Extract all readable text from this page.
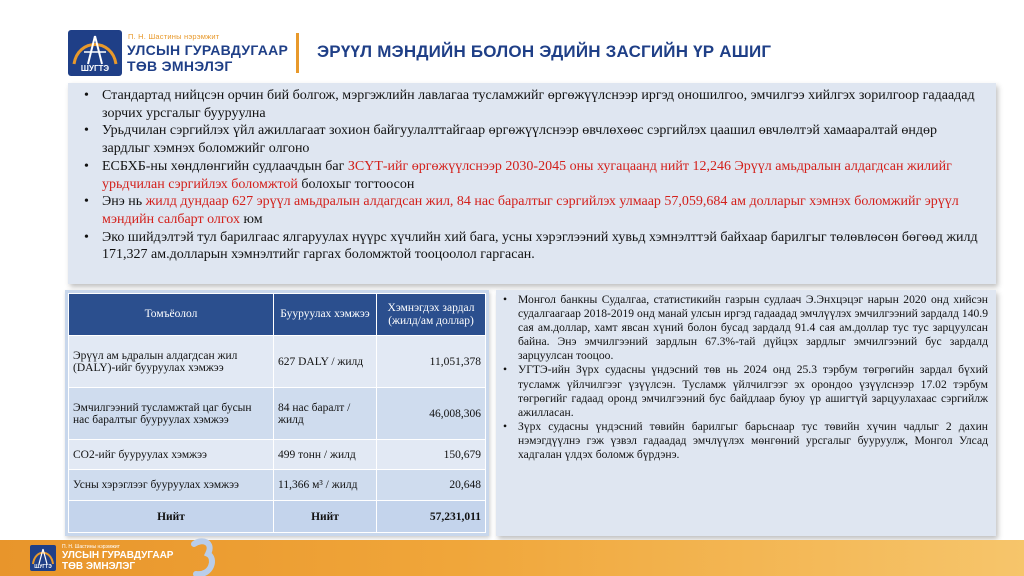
ШУГТЭ
П. Н. Шастины нэрэмжит
УЛСЫН ГУРАВДУГААР
ТӨВ ЭМНЭЛЭГ
ЭРҮҮЛ МЭНДИЙН БОЛОН ЭДИЙН ЗАСГИЙН ҮР АШИГ
• Стандартад нийцсэн орчин бий болгож, мэргэжлийн лавлагаа тусламжийг өргөжүүлснээр иргэд оношилгоо, эмчилгээ хийлгэх зорилгоор гадаадад зорчих урсгалыг бууруулна
• Урьдчилан сэргийлэх үйл ажиллагаат зохион байгуулалттайгаар өргөжүүлснээр өвчлөхөөс сэргийлэх цаашил өвчлөлтэй хамааралтай өндөр зардлыг хэмнэх боломжийг олгоно
• ЕСБХБ-ны хөндлөнгийн судлаачдын баг ЗСҮТ-ийг өргөжүүлснээр 2030-2045 оны хугацаанд нийт 12,246 Эрүүл амьдралын алдагдсан жилийг урьдчилан сэргийлэх боломжтой болохыг тогтоосон
• Энэ нь жилд дундаар 627 эрүүл амьдралын алдагдсан жил, 84 нас баралтыг сэргийлэх улмаар 57,059,684 ам долларыг хэмнэх боломжийг эрүүл мэндийн салбарт олгох юм
• Эко шийдэлтэй тул барилгаас ялгаруулах нүүрс хүчлийн хий бага, усны хэрэглээний хувьд хэмнэлттэй байхаар барилгыг төлөвлөсөн бөгөөд жилд 171,327 ам.долларын хэмнэлтийг гаргах боломжтой тооцоолол гаргасан.
Томъёолол	Бууруулах хэмжээ	Хэмнэгдэх зардал (жилд/ам доллар)
Эрүүл ам ьдралын алдагдсан жил (DALY)-ийг бууруулах хэмжээ	627 DALY / жилд	11,051,378
Эмчилгээний тусламжтай цаг бусын нас баралтыг бууруулах хэмжээ	84 нас баралт / жилд	46,008,306
СО2-ийг бууруулах хэмжээ	499 тонн / жилд	150,679
Усны хэрэглээг бууруулах хэмжээ	11,366 м³ / жилд	20,648
Нийт	Нийт	57,231,011
• Монгол банкны Судалгаа, статистикийн газрын судлаач Э.Энхцэцэг нарын 2020 онд хийсэн судалгаагаар 2018-2019 онд манай улсын иргэд гадаадад эмчлүүлэх эмчилгээний зардалд 140.9 сая ам.доллар, хамт явсан хүний болон бусад зардалд 91.4 сая ам.доллар тус тус зарцуулсан байна. Энэ эмчилгээний зардлын 67.3%-тай дүйцэх зардлыг эмчилгээний бус зардалд зарцуулсан тооцоо.
• УГТЭ-ийн Зүрх судасны үндэсний төв нь 2024 онд 25.3 тэрбум төгрөгийн зардал бүхий тусламж үйлчилгээг үзүүлсэн. Тусламж үйлчилгээг эх орондоо үзүүлснээр 17.02 тэрбум төгрөгийг гадаад оронд эмчилгээний бус байдлаар буюу үр ашигтүй зарцуулахаас сэргийлж ажилласан.
• Зүрх судасны үндэсний төвийн барилгыг барьснаар тус төвийн хүчин чадлыг 2 дахин нэмэгдүүлнэ гэж үзвэл гадаадад эмчлүүлэх мөнгөний урсгалыг бууруулж, Монгол Улсад хадгалан үлдэх боломж бүрдэнэ.
ШУГТЭ
П. Н. Шастины нэрэмжит
УЛСЫН ГУРАВДУГААР
ТӨВ ЭМНЭЛЭГ
